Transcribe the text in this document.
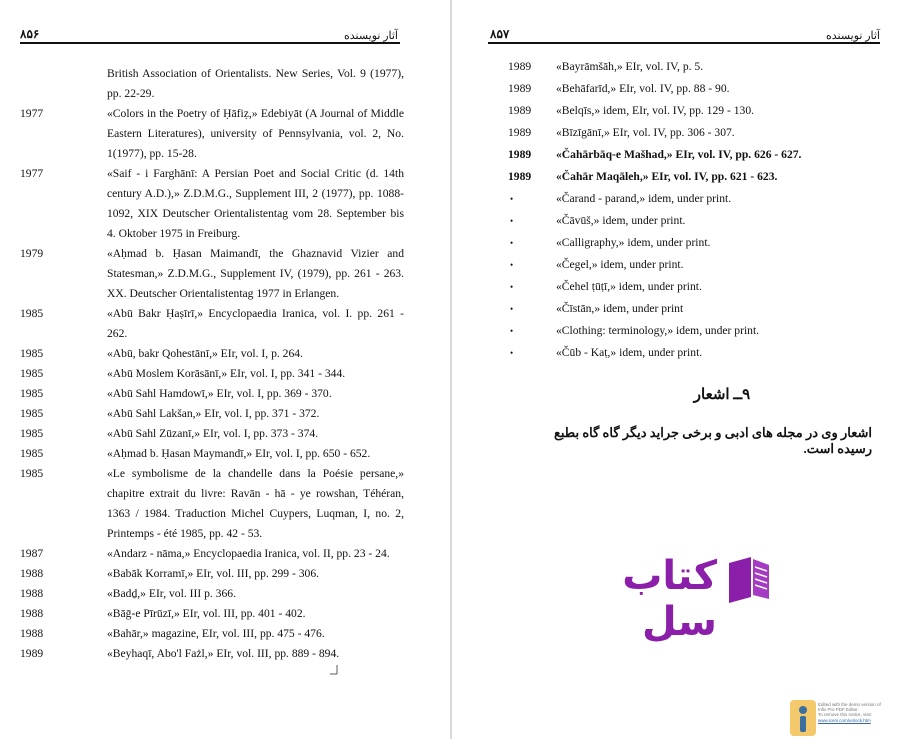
۸۵۶	آثار نویسنده
British Association of Orientalists. New Series, Vol. 9 (1977), pp. 22-29.
1977	«Colors in the Poetry of Ḥāfiẓ,» Edebiyāt (A Journal of Middle Eastern Literatures), university of Pennsylvania, vol. 2, No. 1(1977), pp. 15-28.
1977	«Saif - i Farghānī: A Persian Poet and Social Critic (d. 14th century A.D.),» Z.D.M.G., Supplement III, 2 (1977), pp. 1088- 1092, XIX Deutscher Orientalistentag vom 28. September bis 4. Oktober 1975 in Freiburg.
1979	«Aḥmad b. Ḥasan Maimandī, the Ghaznavid Vizier and Statesman,» Z.D.M.G., Supplement IV, (1979), pp. 261 - 263. XX. Deutscher Orientalistentag 1977 in Erlangen.
1985	«Abū Bakr Ḥaṣīrī,» Encyclopaedia Iranica, vol. I. pp. 261 - 262.
1985	«Abū, bakr Qohestānī,» EIr, vol. I, p. 264.
1985	«Abū Moslem Korāsānī,» EIr, vol. I, pp. 341 - 344.
1985	«Abū Sahl Hamdowī,» EIr, vol. I, pp. 369 - 370.
1985	«Abū Sahl Lakšan,» EIr, vol. I, pp. 371 - 372.
1985	«Abū Sahl Zūzanī,» EIr, vol. I, pp. 373 - 374.
1985	«Aḥmad b. Ḥasan Maymandī,» EIr, vol. I, pp. 650 - 652.
1985	«Le symbolisme de la chandelle dans la Poésie persane,» chapitre extrait du livre: Ravān - hā - ye rowshan, Téhéran, 1363 / 1984. Traduction Michel Cuypers, Luqman, I, no. 2, Printemps - été 1985, pp. 42 - 53.
1987	«Andarz - nāma,» Encyclopaedia Iranica, vol. II, pp. 23 - 24.
1988	«Babāk Korramī,» EIr, vol. III, pp. 299 - 306.
1988	«Badḏ,» EIr, vol. III p. 366.
1988	«Bāḡ-e Pīrūzī,» EIr, vol. III, pp. 401 - 402.
1988	«Bahār,» magazine, EIr, vol. III, pp. 475 - 476.
1989	«Beyhaqī, Abo'l Fażl,» EIr, vol. III, pp. 889 - 894.
۸۵۷	آثار نویسنده
1989 «Bayrāmšāh,» EIr, vol. IV, p. 5.
1989 «Behāfarīd,» EIr, vol. IV, pp. 88 - 90.
1989 «Belqīs,» idem, EIr, vol. IV, pp. 129 - 130.
1989 «Bīzīgānī,» EIr, vol. IV, pp. 306 - 307.
1989 «Čahārbāq-e Mašhad,» EIr, vol. IV, pp. 626 - 627.
1989 «Čahār Maqāleh,» EIr, vol. IV, pp. 621 - 623.
•	«Čarand - parand,» idem, under print.
•	«Čāvūš,» idem, under print.
•	«Calligraphy,» idem, under print.
•	«Čegel,» idem, under print.
•	«Čehel ṭūṭī,» idem, under print.
•	«Čīstān,» idem, under print
•	«Clothing: terminology,» idem, under print.
•	«Čūb - Kaṭ,» idem, under print.
۹ــ اشعار
اشعار وی در مجله های ادبی و برخی جراید دیگر گاه گاه بطبع رسیده است.
کتاب سل
Edited with the demo version of
Infix Pro PDF Editor
To remove this notice, visit:
www.iceni.com/unlock.htm
